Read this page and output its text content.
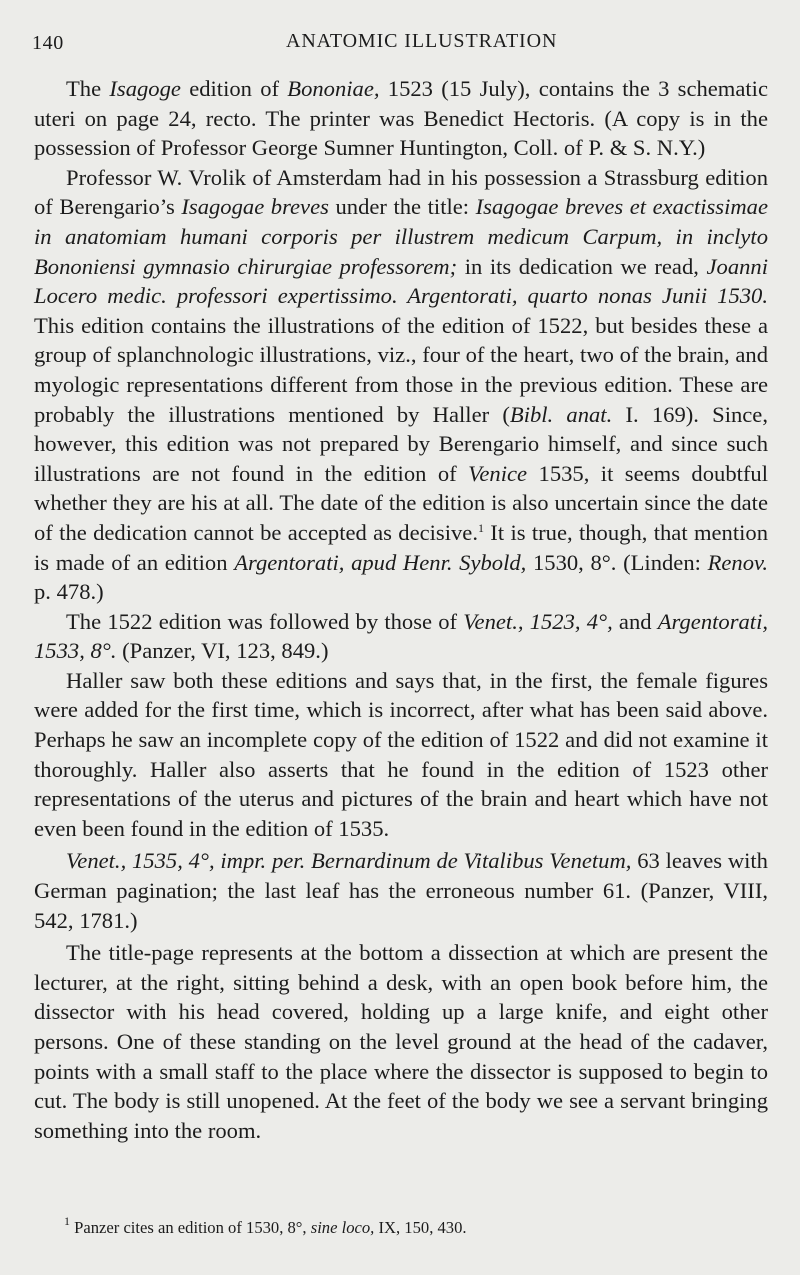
140	ANATOMIC ILLUSTRATION

The Isagoge edition of Bononiae, 1523 (15 July), contains the 3 schematic uteri on page 24, recto. The printer was Benedict Hectoris. (A copy is in the possession of Professor George Sumner Huntington, Coll. of P. & S. N.Y.)

Professor W. Vrolik of Amsterdam had in his possession a Strassburg edition of Berengario’s Isagogae breves under the title: Isagogae breves et exactissimae in anatomiam humani corporis per illustrem medicum Carpum, in inclyto Bononiensi gymnasio chirurgiae professorem; in its dedication we read, Joanni Locero medic. professori expertissimo. Argentorati, quarto nonas Junii 1530. This edition contains the illustrations of the edition of 1522, but besides these a group of splanchnologic illustrations, viz., four of the heart, two of the brain, and myologic representations different from those in the previous edition. These are probably the illustrations mentioned by Haller (Bibl. anat. I. 169). Since, however, this edition was not prepared by Berengario himself, and since such illustrations are not found in the edition of Venice 1535, it seems doubtful whether they are his at all. The date of the edition is also uncertain since the date of the dedication cannot be accepted as decisive.$^1$ It is true, though, that mention is made of an edition Argentorati, apud Henr. Sybold, 1530, 8°. (Linden: Renov. p. 478.)

The 1522 edition was followed by those of Venet., 1523, 4°, and Argentorati, 1533, 8°. (Panzer, VI, 123, 849.)

Haller saw both these editions and says that, in the first, the female figures were added for the first time, which is incorrect, after what has been said above. Perhaps he saw an incomplete copy of the edition of 1522 and did not examine it thoroughly. Haller also asserts that he found in the edition of 1523 other representations of the uterus and pictures of the brain and heart which have not even been found in the edition of 1535.

Venet., 1535, 4°, impr. per. Bernardinum de Vitalibus Venetum, 63 leaves with German pagination; the last leaf has the erroneous number 61. (Panzer, VIII, 542, 1781.)

The title-page represents at the bottom a dissection at which are present the lecturer, at the right, sitting behind a desk, with an open book before him, the dissector with his head covered, holding up a large knife, and eight other persons. One of these standing on the level ground at the head of the cadaver, points with a small staff to the place where the dissector is supposed to begin to cut. The body is still unopened. At the feet of the body we see a servant bringing something into the room.

$^1$ Panzer cites an edition of 1530, 8°, sine loco, IX, 150, 430.
